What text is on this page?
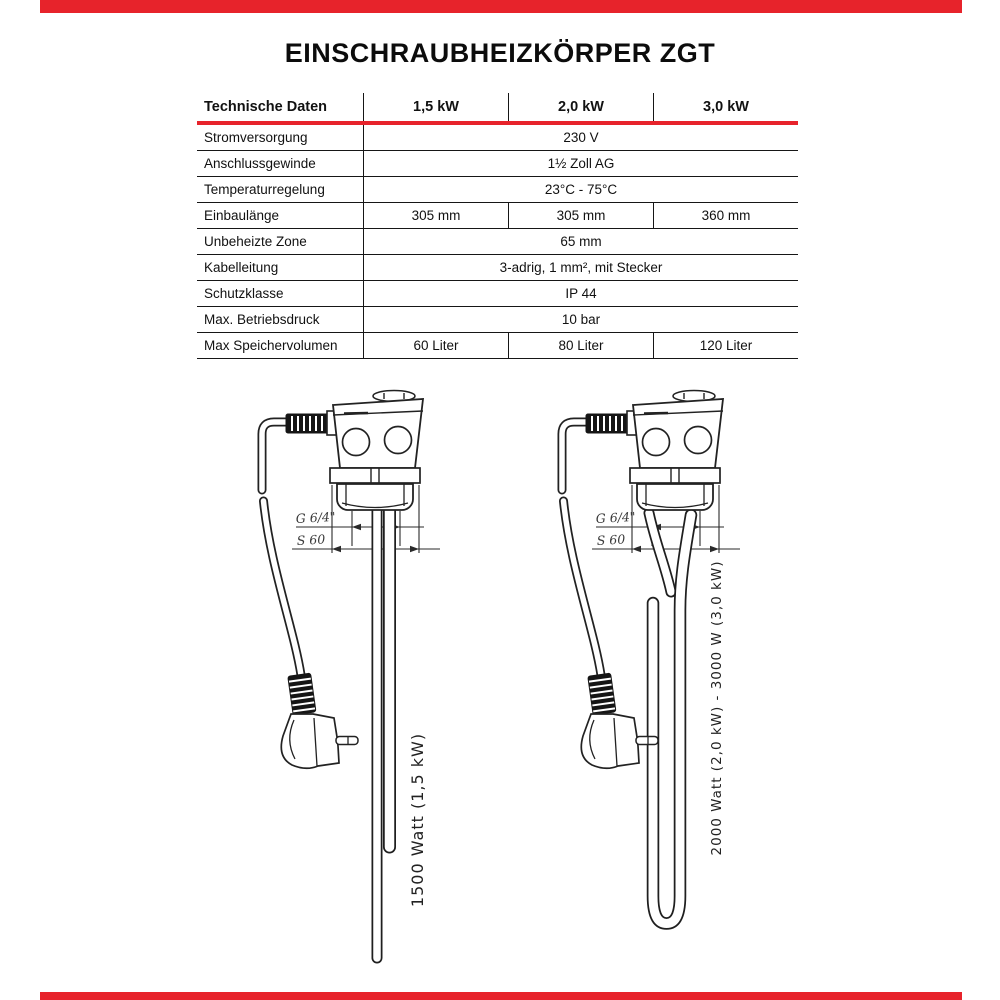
EINSCHRAUBHEIZKÖRPER ZGT
Technische Daten	1,5 kW	2,0 kW	3,0 kW
Stromversorgung	230 V
Anschlussgewinde	1½ Zoll AG
Temperaturregelung	23°C - 75°C
Einbaulänge	305 mm	305 mm	360 mm
Unbeheizte Zone	65 mm
Kabelleitung	3-adrig, 1 mm², mit Stecker
Schutzklasse	IP 44
Max. Betriebsdruck	10 bar
Max Speichervolumen	60 Liter	80 Liter	120 Liter
G 6/4"
S 60
1500 Watt (1,5 kW)
G 6/4"
S 60
2000 Watt (2,0 kW) - 3000 W (3,0 kW)
